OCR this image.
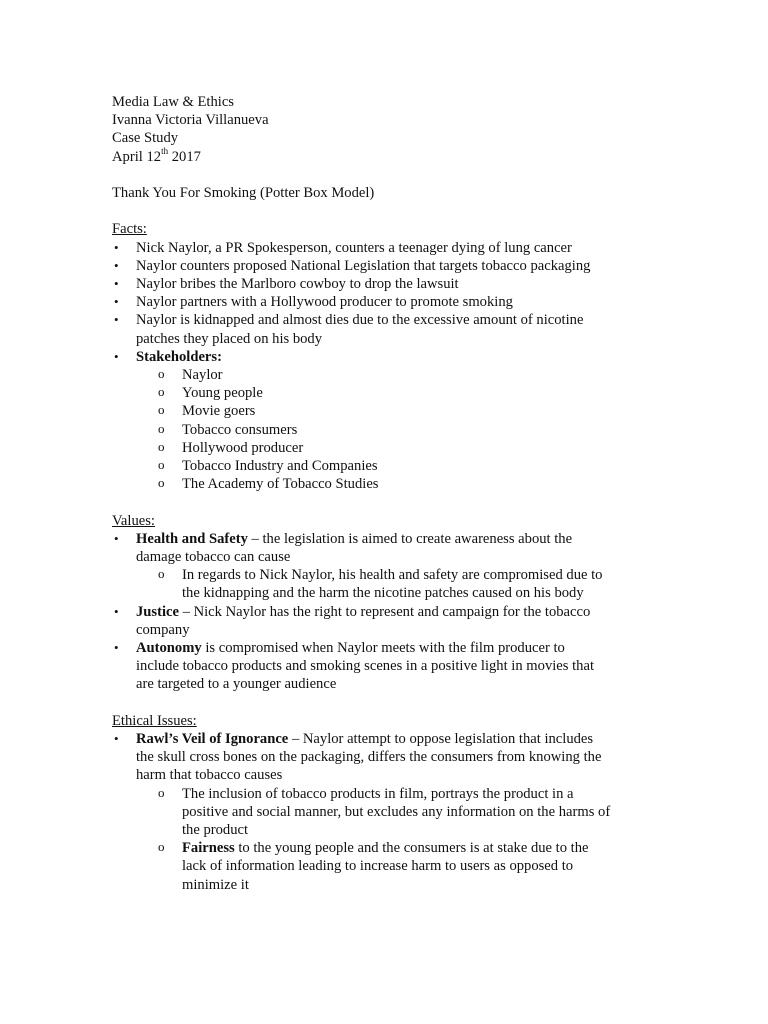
Media Law & Ethics

Ivanna Victoria Villanueva

Case Study

April 12th 2017

Thank You For Smoking (Potter Box Model)

Facts:

• Nick Naylor, a PR Spokesperson, counters a teenager dying of lung cancer
• Naylor counters proposed National Legislation that targets tobacco packaging
• Naylor bribes the Marlboro cowboy to drop the lawsuit
• Naylor partners with a Hollywood producer to promote smoking
• Naylor is kidnapped and almost dies due to the excessive amount of nicotine
patches they placed on his body
• Stakeholders:
o Naylor
o Young people
o Movie goers
o Tobacco consumers
o Hollywood producer
o Tobacco Industry and Companies
o The Academy of Tobacco Studies

Values:

• Health and Safety – the legislation is aimed to create awareness about the
damage tobacco can cause
o In regards to Nick Naylor, his health and safety are compromised due to
the kidnapping and the harm the nicotine patches caused on his body
• Justice – Nick Naylor has the right to represent and campaign for the tobacco
company
• Autonomy is compromised when Naylor meets with the film producer to
include tobacco products and smoking scenes in a positive light in movies that
are targeted to a younger audience

Ethical Issues:

• Rawl’s Veil of Ignorance – Naylor attempt to oppose legislation that includes
the skull cross bones on the packaging, differs the consumers from knowing the
harm that tobacco causes
o The inclusion of tobacco products in film, portrays the product in a
positive and social manner, but excludes any information on the harms of
the product
o Fairness to the young people and the consumers is at stake due to the
lack of information leading to increase harm to users as opposed to
minimize it
